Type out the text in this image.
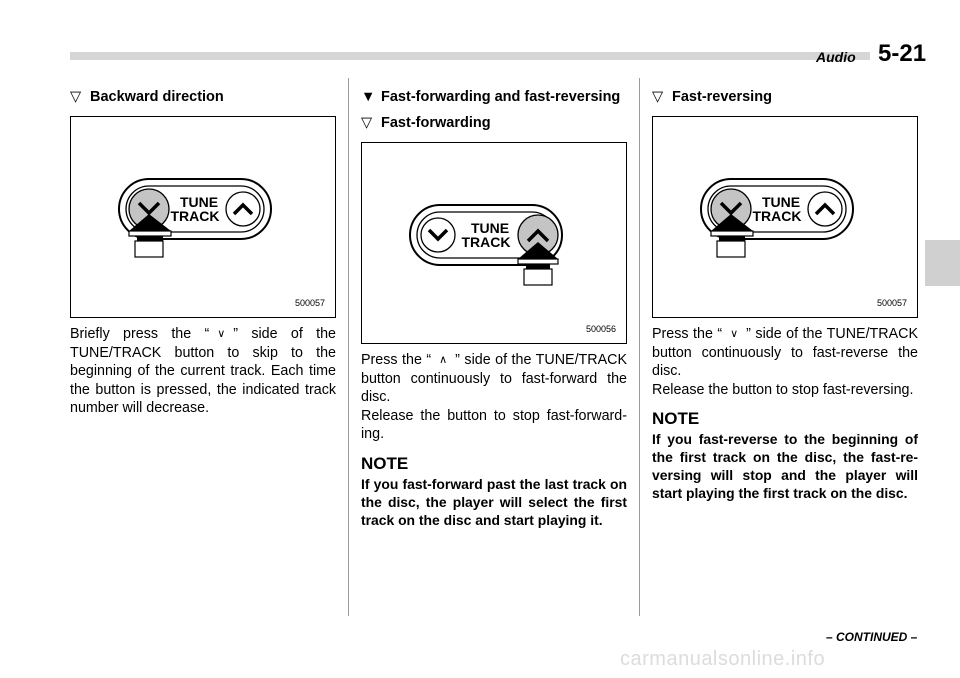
Audio 5-21
▽ Backward direction
TUNE
TRACK
500057

Briefly press the “ ∨ ” side of the TUNE/TRACK button to skip to the beginning of the current track. Each time the button is pressed, the indicated track number will decrease.

▼ Fast-forwarding and fast-reversing
▽ Fast-forwarding
TUNE
TRACK
500056

Press the “ ∧ ” side of the TUNE/TRACK button continuously to fast-forward the disc.

Release the button to stop fast-forward-ing.

NOTE

If you fast-forward past the last track on the disc, the player will select the first track on the disc and start playing it.

▽ Fast-reversing
TUNE
TRACK
500057

Press the “ ∨ ” side of the TUNE/TRACK button continuously to fast-reverse the disc.

Release the button to stop fast-reversing.

NOTE

If you fast-reverse to the beginning of the first track on the disc, the fast-re-versing will stop and the player will start playing the first track on the disc.

– CONTINUED –
carmanualsonline.info
